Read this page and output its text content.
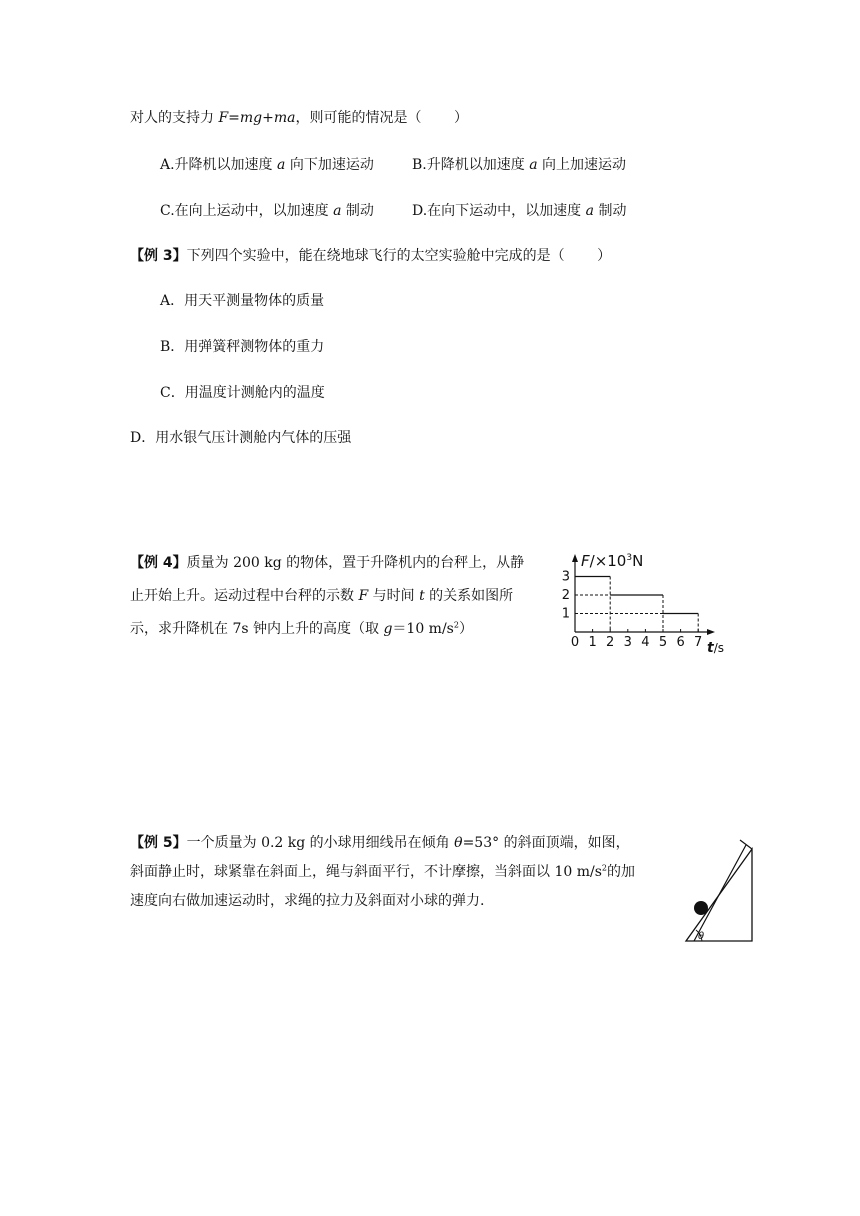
对人的支持力 F=mg+ma，则可能的情况是（　　 ）
A.升降机以加速度 a 向下加速运动	B.升降机以加速度 a 向上加速运动
C.在向上运动中，以加速度 a 制动	D.在向下运动中，以加速度 a 制动
【例 3】下列四个实验中，能在绕地球飞行的太空实验舱中完成的是（　　 ）
A．用天平测量物体的质量
B．用弹簧秤测物体的重力
C．用温度计测舱内的温度
D．用水银气压计测舱内气体的压强
【例 4】质量为 200 kg 的物体，置于升降机内的台秤上，从静
止开始上升。运动过程中台秤的示数 F 与时间 t 的关系如图所
示，求升降机在 7s 钟内上升的高度（取 g＝10 $m/s^2$）
0 1 2 3 4 5 6 7
1
2
3
$F/\times 10^3N$
t/s
【例 5】一个质量为 0.2 kg 的小球用细线吊在倾角 θ=53° 的斜面顶端，如图，
斜面静止时，球紧靠在斜面上，绳与斜面平行，不计摩擦，当斜面以 10 $m/s^2$的加
速度向右做加速运动时，求绳的拉力及斜面对小球的弹力.
θ
